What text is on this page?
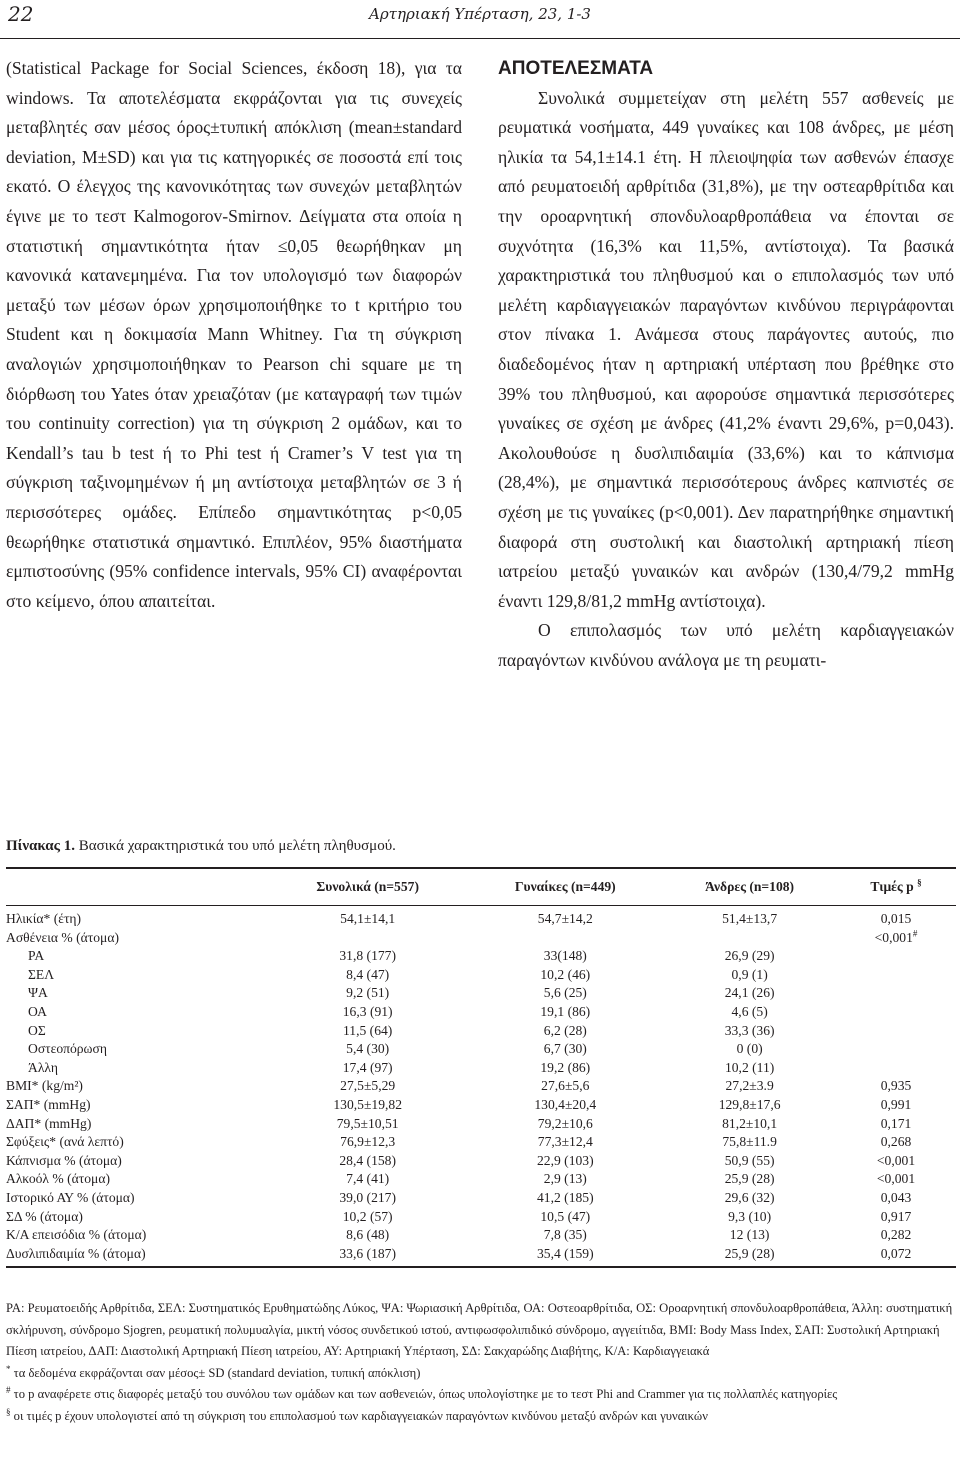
22	Αρτηριακή Υπέρταση, 23, 1-3

(Statistical Package for Social Sciences, έκδοση 18), για τα windows. Τα αποτελέσματα εκφράζονται για τις συνεχείς μεταβλητές σαν μέσος όρος±τυπική απόκλιση (mean±standard deviation, M±SD) και για τις κατηγορικές σε ποσοστά επί τοις εκατό. Ο έλεγχος της κανονικότητας των συνεχών μεταβλητών έγινε με το τεστ Kalmogorov-Smirnov. Δείγματα στα οποία η στατιστική σημαντικότητα ήταν ≤0,05 θεωρήθηκαν μη κανονικά κατανεμημένα. Για τον υπολογισμό των διαφορών μεταξύ των μέσων όρων χρησιμοποιήθηκε το t κριτήριο του Student και η δοκιμασία Mann Whitney. Για τη σύγκριση αναλογιών χρησιμοποιήθηκαν το Pearson chi square με τη διόρθωση του Yates όταν χρειαζόταν (με καταγραφή των τιμών του continuity correction) για τη σύγκριση 2 ομάδων, και το Kendall’s tau b test ή το Phi test ή Cramer’s V test για τη σύγκριση ταξινομημένων ή μη αντίστοιχα μεταβλητών σε 3 ή περισσότερες ομάδες. Επίπεδο σημαντικότητας p<0,05 θεωρήθηκε στατιστικά σημαντικό. Επιπλέον, 95% διαστήματα εμπιστοσύνης (95% confidence intervals, 95% CI) αναφέρονται στο κείμενο, όπου απαιτείται.

ΑΠΟΤΕΛΕΣΜΑΤΑ

Συνολικά συμμετείχαν στη μελέτη 557 ασθενείς με ρευματικά νοσήματα, 449 γυναίκες και 108 άνδρες, με μέση ηλικία τα 54,1±14.1 έτη. Η πλειοψηφία των ασθενών έπασχε από ρευματοειδή αρθρίτιδα (31,8%), με την οστεαρθρίτιδα και την οροαρνητική σπονδυλοαρθροπάθεια να έπονται σε συχνότητα (16,3% και 11,5%, αντίστοιχα). Τα βασικά χαρακτηριστικά του πληθυσμού και ο επιπολασμός των υπό μελέτη καρδιαγγειακών παραγόντων κινδύνου περιγράφονται στον πίνακα 1. Ανάμεσα στους παράγοντες αυτούς, πιο διαδεδομένος ήταν η αρτηριακή υπέρταση που βρέθηκε στο 39% του πληθυσμού, και αφορούσε σημαντικά περισσότερες γυναίκες σε σχέση με άνδρες (41,2% έναντι 29,6%, p=0,043). Ακολουθούσε η δυσλιπιδαιμία (33,6%) και το κάπνισμα (28,4%), με σημαντικά περισσότερους άνδρες καπνιστές σε σχέση με τις γυναίκες (p<0,001). Δεν παρατηρήθηκε σημαντική διαφορά στη συστολική και διαστολική αρτηριακή πίεση ιατρείου μεταξύ γυναικών και ανδρών (130,4/79,2 mmHg έναντι 129,8/81,2 mmHg αντίστοιχα).

Ο επιπολασμός των υπό μελέτη καρδιαγγειακών παραγόντων κινδύνου ανάλογα με τη ρευματι-

Πίνακας 1. Βασικά χαρακτηριστικά του υπό μελέτη πληθυσμού.
	Συνολικά (n=557)	Γυναίκες (n=449)	Άνδρες (n=108)	Τιμές p §
Ηλικία* (έτη)	54,1±14,1	54,7±14,2	51,4±13,7	0,015
Ασθένεια % (άτομα)				<0,001#
ΡΑ	31,8 (177)	33(148)	26,9 (29)	
ΣΕΛ	8,4 (47)	10,2 (46)	0,9 (1)	
ΨΑ	9,2 (51)	5,6 (25)	24,1 (26)	
ΟΑ	16,3 (91)	19,1 (86)	4,6 (5)	
ΟΣ	11,5 (64)	6,2 (28)	33,3 (36)	
Οστεοπόρωση	5,4 (30)	6,7 (30)	0 (0)	
Άλλη	17,4 (97)	19,2 (86)	10,2 (11)	
BMI* (kg/m²)	27,5±5,29	27,6±5,6	27,2±3.9	0,935
ΣΑΠ* (mmHg)	130,5±19,82	130,4±20,4	129,8±17,6	0,991
ΔΑΠ* (mmHg)	79,5±10,51	79,2±10,6	81,2±10,1	0,171
Σφύξεις* (ανά λεπτό)	76,9±12,3	77,3±12,4	75,8±11.9	0,268
Κάπνισμα % (άτομα)	28,4 (158)	22,9 (103)	50,9 (55)	<0,001
Αλκοόλ % (άτομα)	7,4 (41)	2,9 (13)	25,9 (28)	<0,001
Ιστορικό ΑΥ % (άτομα)	39,0 (217)	41,2 (185)	29,6 (32)	0,043
ΣΔ % (άτομα)	10,2 (57)	10,5 (47)	9,3 (10)	0,917
Κ/Α επεισόδια % (άτομα)	8,6 (48)	7,8 (35)	12 (13)	0,282
Δυσλιπιδαιμία % (άτομα)	33,6 (187)	35,4 (159)	25,9 (28)	0,072

ΡΑ: Ρευματοειδής Αρθρίτιδα, ΣΕΛ: Συστηματικός Ερυθηματώδης Λύκος, ΨΑ: Ψωριασική Αρθρίτιδα, ΟΑ: Οστεοαρθρίτιδα, ΟΣ: Οροαρνητική σπονδυλοαρθροπάθεια, Άλλη: συστηματική σκλήρυνση, σύνδρομο Sjogren, ρευματική πολυμυαλγία, μικτή νόσος συνδετικού ιστού, αντιφωσφολιπιδικό σύνδρομο, αγγειίτιδα, BMI: Body Mass Index, ΣΑΠ: Συστολική Αρτηριακή Πίεση ιατρείου, ΔΑΠ: Διαστολική Αρτηριακή Πίεση ιατρείου, ΑΥ: Αρτηριακή Υπέρταση, ΣΔ: Σακχαρώδης Διαβήτης, Κ/Α: Καρδιαγγειακά

* τα δεδομένα εκφράζονται σαν μέσος± SD (standard deviation, τυπική απόκλιση)

# το p αναφέρετε στις διαφορές μεταξύ του συνόλου των ομάδων και των ασθενειών, όπως υπολογίστηκε με το τεστ Phi and Crammer για τις πολλαπλές κατηγορίες

§ οι τιμές p έχουν υπολογιστεί από τη σύγκριση του επιπολασμού των καρδιαγγειακών παραγόντων κινδύνου μεταξύ ανδρών και γυναικών
